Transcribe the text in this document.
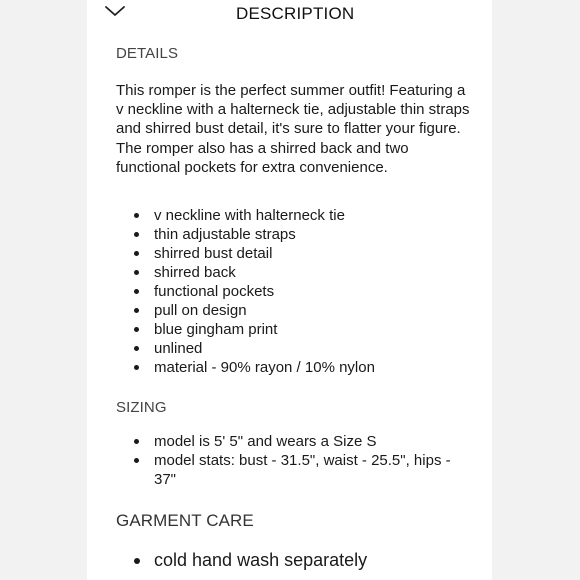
DESCRIPTION
DETAILS

This romper is the perfect summer outfit! Featuring a v neckline with a halterneck tie, adjustable thin straps and shirred bust detail, it's sure to flatter your figure. The romper also has a shirred back and two functional pockets for extra convenience.

v neckline with halterneck tie
thin adjustable straps
shirred bust detail
shirred back
functional pockets
pull on design
blue gingham print
unlined
material - 90% rayon / 10% nylon
SIZING
model is 5' 5" and wears a Size S
model stats: bust - 31.5", waist - 25.5", hips - 37"
GARMENT CARE
cold hand wash separately
